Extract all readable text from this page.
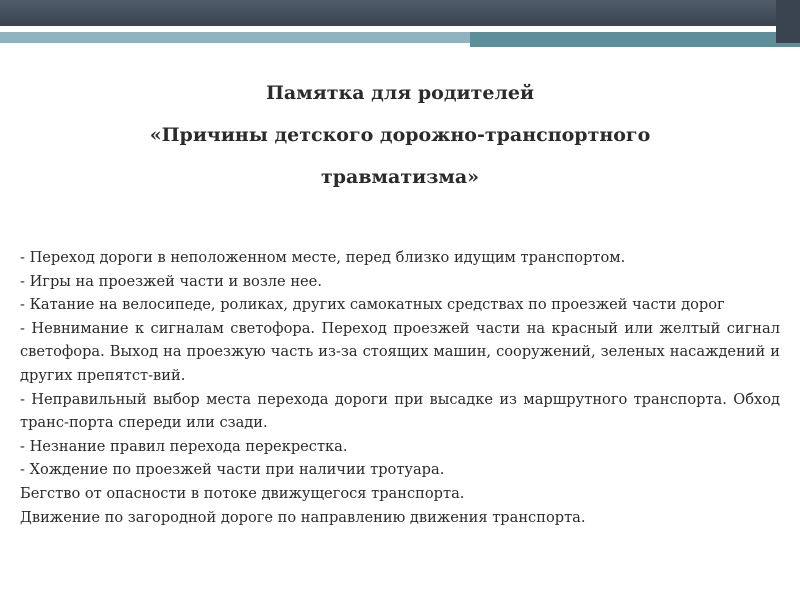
Памятка для родителей
«Причины детского дорожно-транспортного
травматизма»

- Переход дороги в неположенном месте, перед близко идущим транспортом.

- Игры на проезжей части и возле нее.

- Катание на велосипеде, роликах, других самокатных средствах по проезжей части дорог

- Невнимание к сигналам светофора. Переход проезжей части на красный или желтый сигнал светофора. Выход на проезжую часть из-за стоящих машин, сооружений, зеленых насаждений и других препятст-вий.

- Неправильный выбор места перехода дороги при высадке из маршрутного транспорта. Обход транс-порта спереди или сзади.

- Незнание правил перехода перекрестка.

- Хождение по проезжей части при наличии тротуара.

Бегство от опасности в потоке движущегося транспорта.

Движение по загородной дороге по направлению движения транспорта.
